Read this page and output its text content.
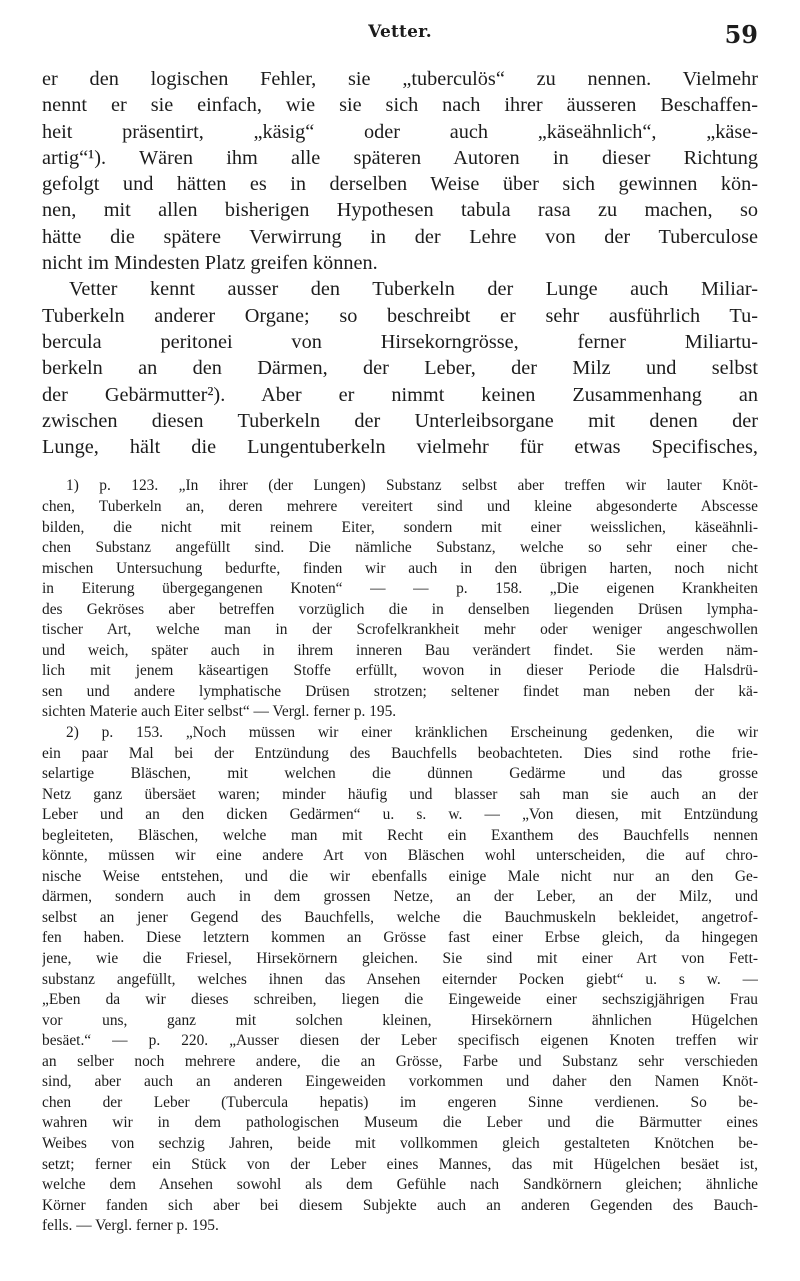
Vetter.	59

er den logischen Fehler, sie „tuberculös“ zu nennen. Vielmehr
nennt er sie einfach, wie sie sich nach ihrer äusseren Beschaffen-
heit präsentirt, „käsig“ oder auch „käseähnlich“, „käse-
artig“¹). Wären ihm alle späteren Autoren in dieser Richtung
gefolgt und hätten es in derselben Weise über sich gewinnen kön-
nen, mit allen bisherigen Hypothesen tabula rasa zu machen, so
hätte die spätere Verwirrung in der Lehre von der Tuberculose
nicht im Mindesten Platz greifen können.

Vetter kennt ausser den Tuberkeln der Lunge auch Miliar-
Tuberkeln anderer Organe; so beschreibt er sehr ausführlich Tu-
bercula peritonei von Hirsekorngrösse, ferner Miliartu-
berkeln an den Därmen, der Leber, der Milz und selbst
der Gebärmutter²). Aber er nimmt keinen Zusammenhang an
zwischen diesen Tuberkeln der Unterleibsorgane mit denen der
Lunge, hält die Lungentuberkeln vielmehr für etwas Specifisches,

1) p. 123. „In ihrer (der Lungen) Substanz selbst aber treffen wir lauter Knöt-
chen, Tuberkeln an, deren mehrere vereitert sind und kleine abgesonderte Abscesse
bilden, die nicht mit reinem Eiter, sondern mit einer weisslichen, käseähnli-
chen Substanz angefüllt sind. Die nämliche Substanz, welche so sehr einer che-
mischen Untersuchung bedurfte, finden wir auch in den übrigen harten, noch nicht
in Eiterung übergegangenen Knoten“ — — p. 158. „Die eigenen Krankheiten
des Gekröses aber betreffen vorzüglich die in denselben liegenden Drüsen lympha-
tischer Art, welche man in der Scrofelkrankheit mehr oder weniger angeschwollen
und weich, später auch in ihrem inneren Bau verändert findet. Sie werden näm-
lich mit jenem käseartigen Stoffe erfüllt, wovon in dieser Periode die Halsdrü-
sen und andere lymphatische Drüsen strotzen; seltener findet man neben der kä-
sichten Materie auch Eiter selbst“ — Vergl. ferner p. 195.
2) p. 153. „Noch müssen wir einer kränklichen Erscheinung gedenken, die wir
ein paar Mal bei der Entzündung des Bauchfells beobachteten. Dies sind rothe frie-
selartige Bläschen, mit welchen die dünnen Gedärme und das grosse
Netz ganz übersäet waren; minder häufig und blasser sah man sie auch an der
Leber und an den dicken Gedärmen“ u. s. w. — „Von diesen, mit Entzündung
begleiteten, Bläschen, welche man mit Recht ein Exanthem des Bauchfells nennen
könnte, müssen wir eine andere Art von Bläschen wohl unterscheiden, die auf chro-
nische Weise entstehen, und die wir ebenfalls einige Male nicht nur an den Ge-
därmen, sondern auch in dem grossen Netze, an der Leber, an der Milz, und
selbst an jener Gegend des Bauchfells, welche die Bauchmuskeln bekleidet, angetrof-
fen haben. Diese letztern kommen an Grösse fast einer Erbse gleich, da hingegen
jene, wie die Friesel, Hirsekörnern gleichen. Sie sind mit einer Art von Fett-
substanz angefüllt, welches ihnen das Ansehen eiternder Pocken giebt“ u. s w. —
„Eben da wir dieses schreiben, liegen die Eingeweide einer sechszigjährigen Frau
vor uns, ganz mit solchen kleinen, Hirsekörnern ähnlichen Hügelchen
besäet.“ — p. 220. „Ausser diesen der Leber specifisch eigenen Knoten treffen wir
an selber noch mehrere andere, die an Grösse, Farbe und Substanz sehr verschieden
sind, aber auch an anderen Eingeweiden vorkommen und daher den Namen Knöt-
chen der Leber (Tubercula hepatis) im engeren Sinne verdienen. So be-
wahren wir in dem pathologischen Museum die Leber und die Bärmutter eines
Weibes von sechzig Jahren, beide mit vollkommen gleich gestalteten Knötchen be-
setzt; ferner ein Stück von der Leber eines Mannes, das mit Hügelchen besäet ist,
welche dem Ansehen sowohl als dem Gefühle nach Sandkörnern gleichen; ähnliche
Körner fanden sich aber bei diesem Subjekte auch an anderen Gegenden des Bauch-
fells. — Vergl. ferner p. 195.
